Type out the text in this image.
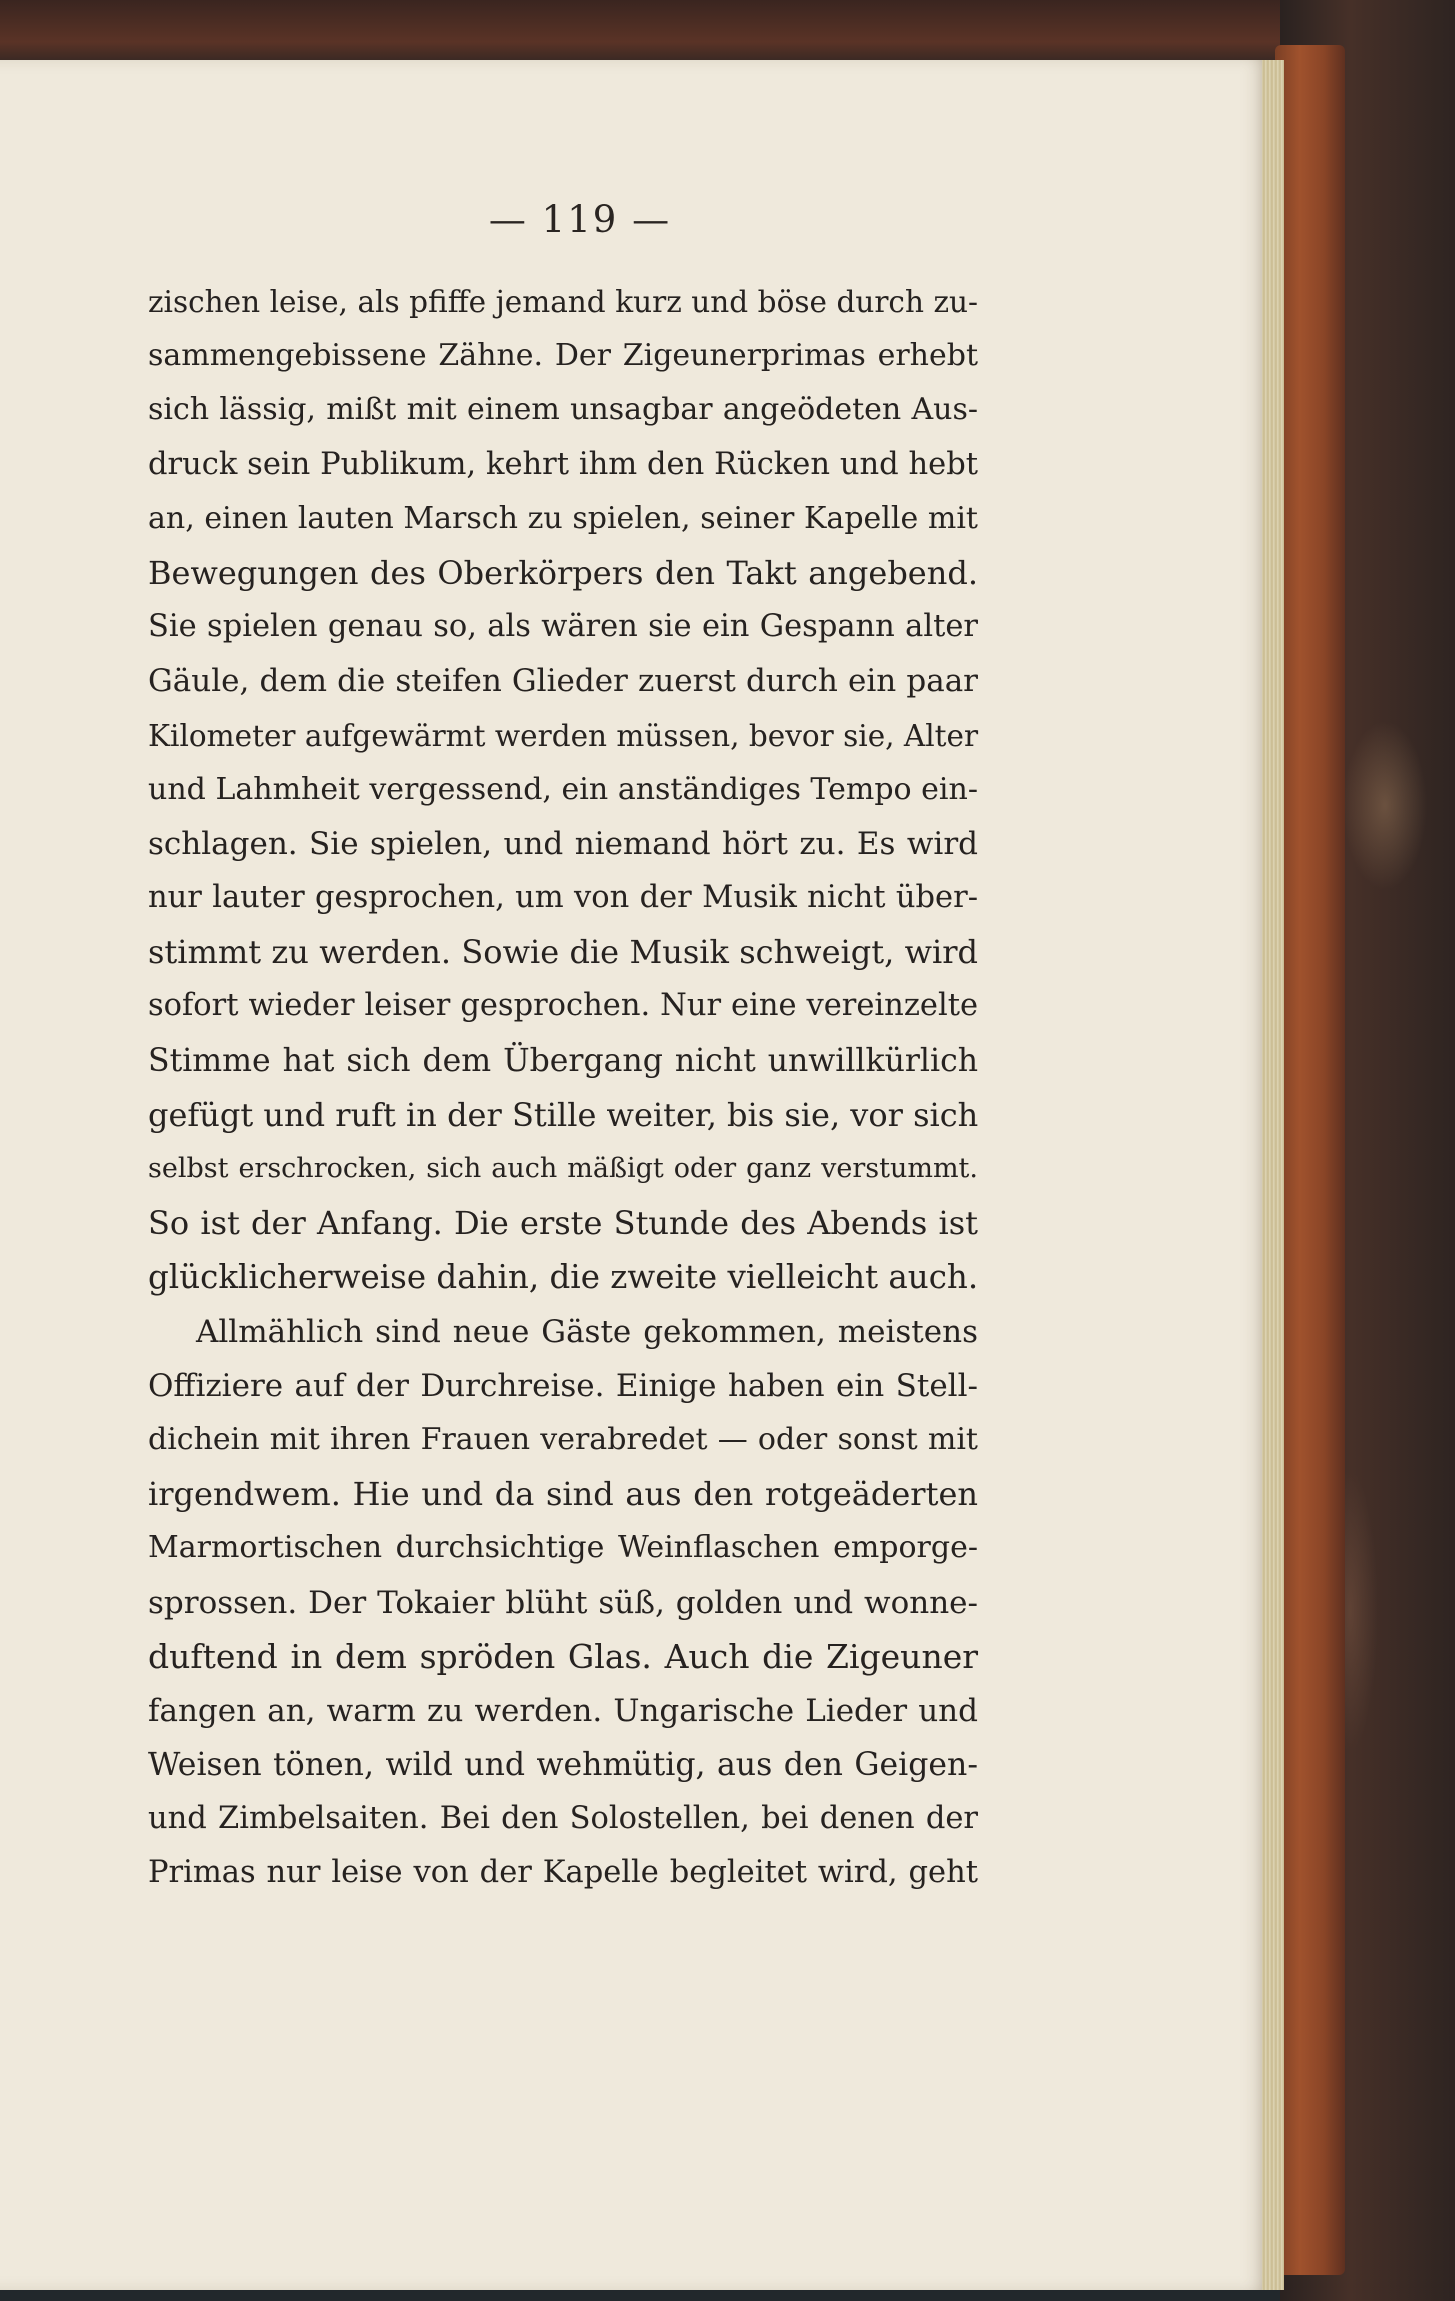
— 119 —
zischen leise, als pfiffe jemand kurz und böse durch zu-
sammengebissene Zähne. Der Zigeunerprimas erhebt
sich lässig, mißt mit einem unsagbar angeödeten Aus-
druck sein Publikum, kehrt ihm den Rücken und hebt
an, einen lauten Marsch zu spielen, seiner Kapelle mit
Bewegungen des Oberkörpers den Takt angebend.
Sie spielen genau so, als wären sie ein Gespann alter
Gäule, dem die steifen Glieder zuerst durch ein paar
Kilometer aufgewärmt werden müssen, bevor sie, Alter
und Lahmheit vergessend, ein anständiges Tempo ein-
schlagen. Sie spielen, und niemand hört zu. Es wird
nur lauter gesprochen, um von der Musik nicht über-
stimmt zu werden. Sowie die Musik schweigt, wird
sofort wieder leiser gesprochen. Nur eine vereinzelte
Stimme hat sich dem Übergang nicht unwillkürlich
gefügt und ruft in der Stille weiter, bis sie, vor sich
selbst erschrocken, sich auch mäßigt oder ganz verstummt.
So ist der Anfang. Die erste Stunde des Abends ist
glücklicherweise dahin, die zweite vielleicht auch.
Allmählich sind neue Gäste gekommen, meistens
Offiziere auf der Durchreise. Einige haben ein Stell-
dichein mit ihren Frauen verabredet — oder sonst mit
irgendwem. Hie und da sind aus den rotgeäderten
Marmortischen durchsichtige Weinflaschen emporge-
sprossen. Der Tokaier blüht süß, golden und wonne-
duftend in dem spröden Glas. Auch die Zigeuner
fangen an, warm zu werden. Ungarische Lieder und
Weisen tönen, wild und wehmütig, aus den Geigen-
und Zimbelsaiten. Bei den Solostellen, bei denen der
Primas nur leise von der Kapelle begleitet wird, geht
